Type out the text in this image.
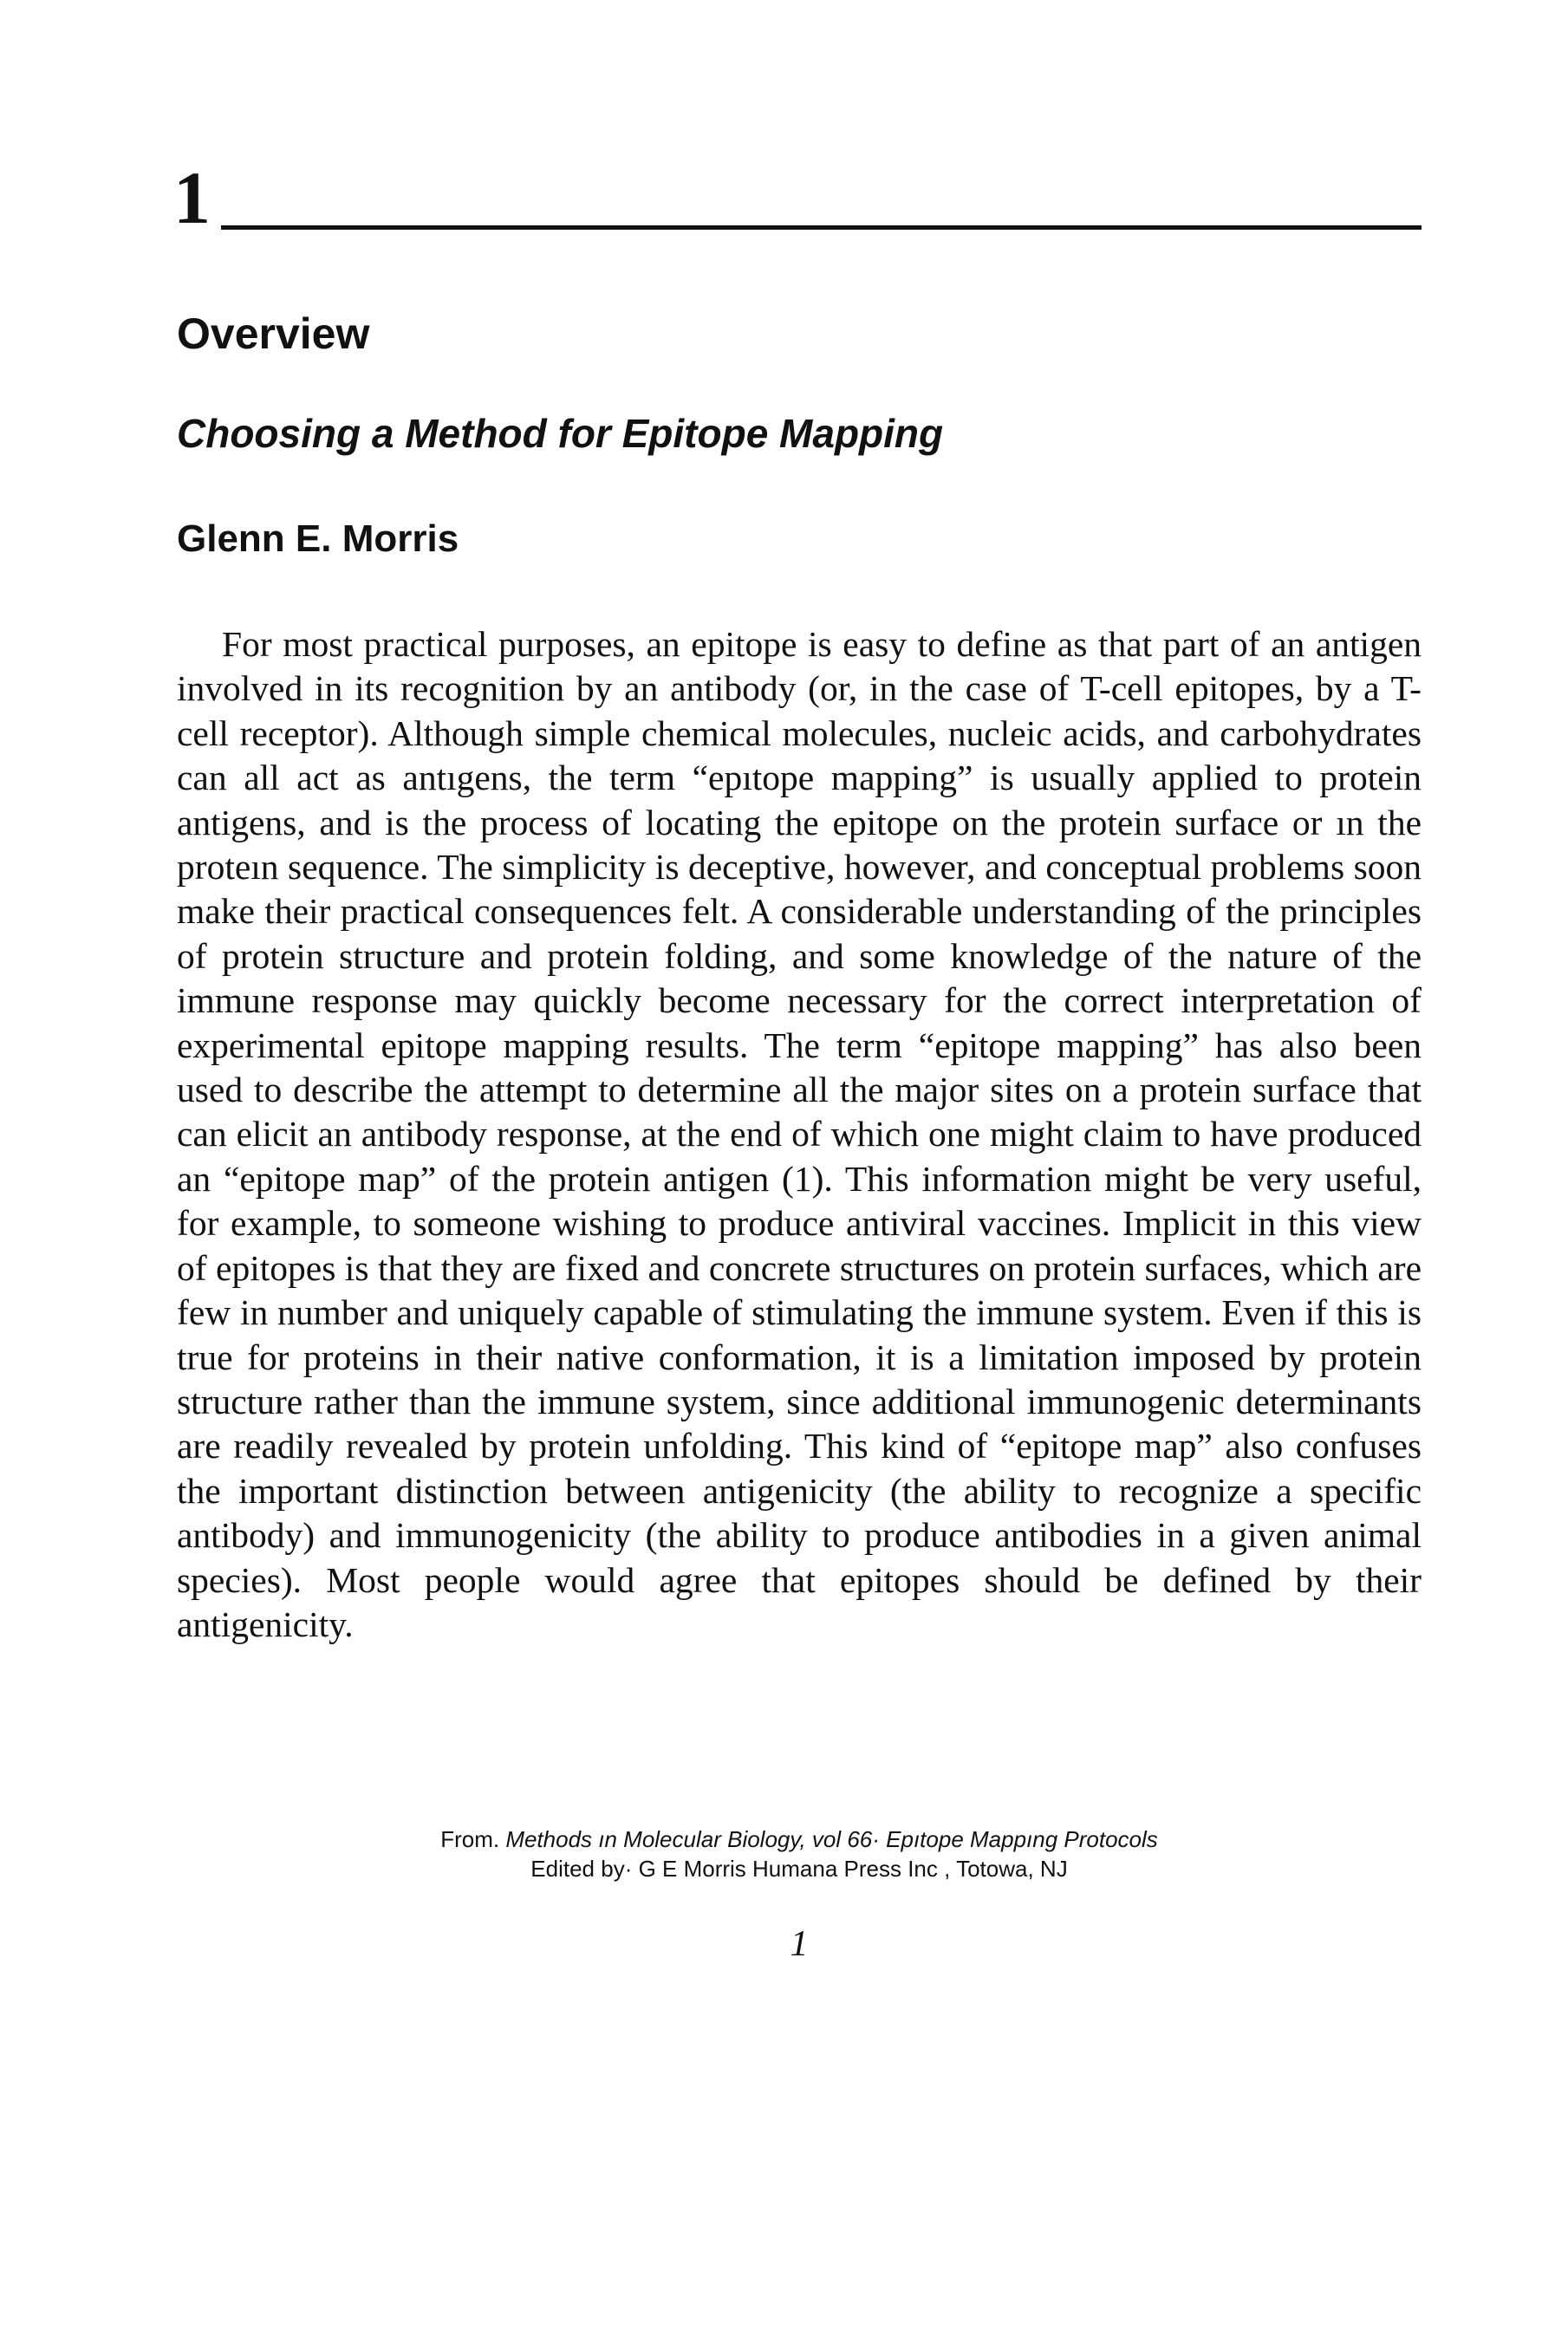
1
Overview
Choosing a Method for Epitope Mapping
Glenn E. Morris

For most practical purposes, an epitope is easy to define as that part of an antigen involved in its recognition by an antibody (or, in the case of T-cell epitopes, by a T-cell receptor). Although simple chemical molecules, nucleic acids, and carbohydrates can all act as antıgens, the term “epıtope mapping” is usually applied to protein antigens, and is the process of locating the epitope on the protein surface or ın the proteın sequence. The simplicity is deceptive, however, and conceptual problems soon make their practical consequences felt. A considerable understanding of the principles of protein structure and protein folding, and some knowledge of the nature of the immune response may quickly become necessary for the correct interpretation of experimental epitope mapping results. The term “epitope mapping” has also been used to describe the attempt to determine all the major sites on a protein surface that can elicit an antibody response, at the end of which one might claim to have produced an “epitope map” of the protein antigen (1). This information might be very useful, for example, to someone wishing to produce antiviral vaccines. Implicit in this view of epitopes is that they are fixed and concrete structures on protein surfaces, which are few in number and uniquely capable of stimulating the immune system. Even if this is true for proteins in their native conformation, it is a limitation imposed by protein structure rather than the immune system, since additional immunogenic determinants are readily revealed by protein unfolding. This kind of “epitope map” also confuses the important distinction between antigenicity (the ability to recognize a specific antibody) and immunogenicity (the ability to produce antibodies in a given animal species). Most people would agree that epitopes should be defined by their antigenicity.

From. Methods ın Molecular Biology, vol 66· Epıtope Mappıng Protocols
Edited by· G E Morris Humana Press Inc , Totowa, NJ
1
